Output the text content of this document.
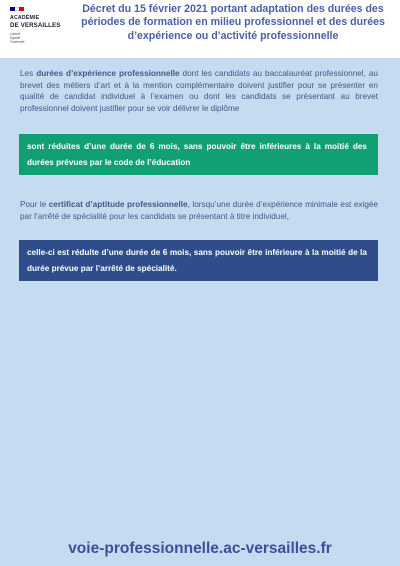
ACADÉMIE
DE VERSAILLES
Liberté
Égalité
Fraternité
Décret du 15 février 2021 portant adaptation des durées des périodes de formation en milieu professionnel et des durées d’expérience ou d’activité professionnelle
Les durées d’expérience professionnelle dont les candidats au baccalauréat professionnel, au brevet des métiers d’art et à la mention complémentaire doivent justifier pour se présenter en qualité de candidat individuel à l’examen ou dont les candidats se présentant au brevet professionnel doivent justifier pour se voir délivrer le diplôme
sont réduites d’une durée de 6 mois, sans pouvoir être inférieures à la moitié des durées prévues par le code de l’éducation
Pour le certificat d’aptitude professionnelle, lorsqu’une durée d’expérience minimale est exigée par l’arrêté de spécialité pour les candidats se présentant à titre individuel,
celle-ci est réduite d’une durée de 6 mois, sans pouvoir être inférieure à la moitié de la durée prévue par l’arrêté de spécialité.
voie-professionnelle.ac-versailles.fr
